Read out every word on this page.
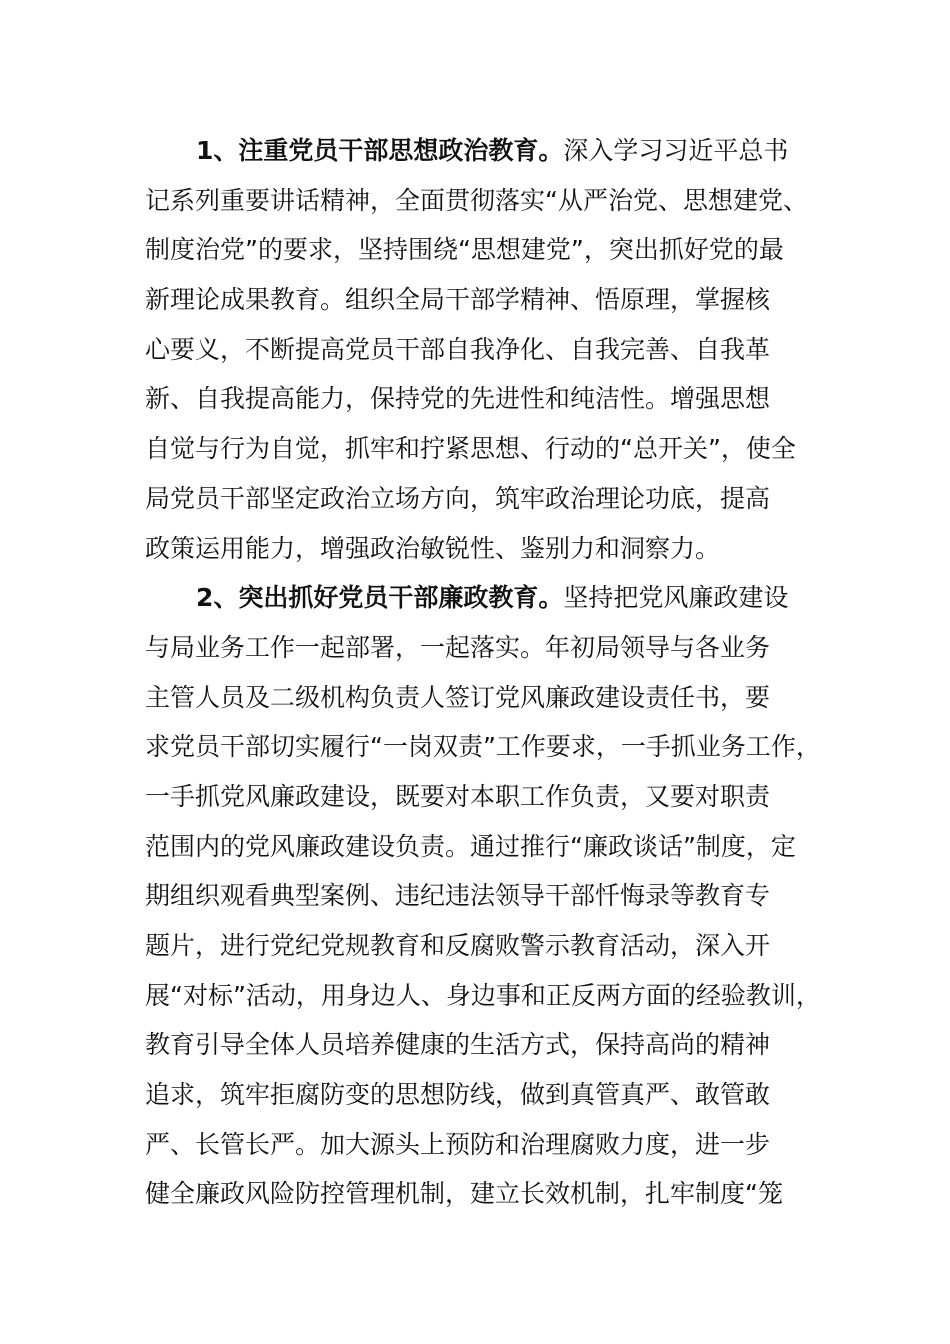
1、注重党员干部思想政治教育。深入学习习近平总书
记系列重要讲话精神，全面贯彻落实“从严治党、思想建党、
制度治党”的要求，坚持围绕“思想建党”，突出抓好党的最
新理论成果教育。组织全局干部学精神、悟原理，掌握核
心要义，不断提高党员干部自我净化、自我完善、自我革
新、自我提高能力，保持党的先进性和纯洁性。增强思想
自觉与行为自觉，抓牢和拧紧思想、行动的“总开关”，使全
局党员干部坚定政治立场方向，筑牢政治理论功底，提高
政策运用能力，增强政治敏锐性、鉴别力和洞察力。
2、突出抓好党员干部廉政教育。坚持把党风廉政建设
与局业务工作一起部署，一起落实。年初局领导与各业务
主管人员及二级机构负责人签订党风廉政建设责任书，要
求党员干部切实履行“一岗双责”工作要求，一手抓业务工作，
一手抓党风廉政建设，既要对本职工作负责，又要对职责
范围内的党风廉政建设负责。通过推行“廉政谈话”制度，定
期组织观看典型案例、违纪违法领导干部忏悔录等教育专
题片，进行党纪党规教育和反腐败警示教育活动，深入开
展“对标”活动，用身边人、身边事和正反两方面的经验教训，
教育引导全体人员培养健康的生活方式，保持高尚的精神
追求，筑牢拒腐防变的思想防线，做到真管真严、敢管敢
严、长管长严。加大源头上预防和治理腐败力度，进一步
健全廉政风险防控管理机制，建立长效机制，扎牢制度“笼
